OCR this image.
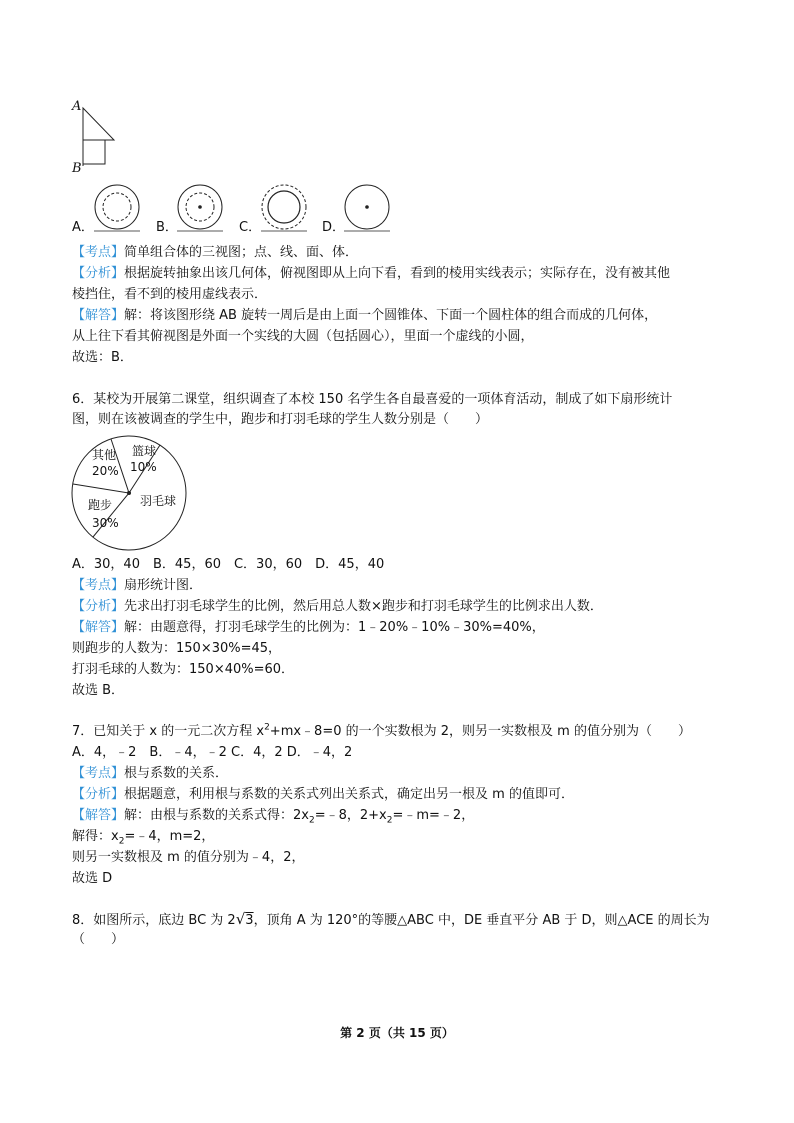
A
B
A．	B．	C．	D．
【考点】简单组合体的三视图；点、线、面、体．
【分析】根据旋转抽象出该几何体，俯视图即从上向下看，看到的棱用实线表示；实际存在，没有被其他
棱挡住，看不到的棱用虚线表示．
【解答】解：将该图形绕 AB 旋转一周后是由上面一个圆锥体、下面一个圆柱体的组合而成的几何体，
从上往下看其俯视图是外面一个实线的大圆（包括圆心），里面一个虚线的小圆，
故选：B．
6．某校为开展第二课堂，组织调查了本校 150 名学生各自最喜爱的一项体育活动，制成了如下扇形统计
图，则在该被调查的学生中，跑步和打羽毛球的学生人数分别是（　　）
其他
20%
篮球
10%
羽毛球
跑步
30%
A．30，40　B．45，60　C．30，60　D．45，40
【考点】扇形统计图．
【分析】先求出打羽毛球学生的比例，然后用总人数×跑步和打羽毛球学生的比例求出人数．
【解答】解：由题意得，打羽毛球学生的比例为：1﹣20%﹣10%﹣30%=40%，
则跑步的人数为：150×30%=45，
打羽毛球的人数为：150×40%=60．
故选 B．
7．已知关于 x 的一元二次方程 $x^2+mx﹣8=0$ 的一个实数根为 2，则另一实数根及 m 的值分别为（　　）
A．4，﹣2　B．﹣4，﹣2 C．4，2 D．﹣4，2
【考点】根与系数的关系．
【分析】根据题意，利用根与系数的关系式列出关系式，确定出另一根及 m 的值即可．
【解答】解：由根与系数的关系式得：$2x_2=﹣8$，$2+x_2=﹣m=﹣2$，
解得：$x_2=﹣4$，m=2，
则另一实数根及 m 的值分别为﹣4，2，
故选 D
8．如图所示，底边 BC 为 2√3，顶角 A 为 120°的等腰△ABC 中，DE 垂直平分 AB 于 D，则△ACE 的周长为
（　　）
第 2 页（共 15 页）
